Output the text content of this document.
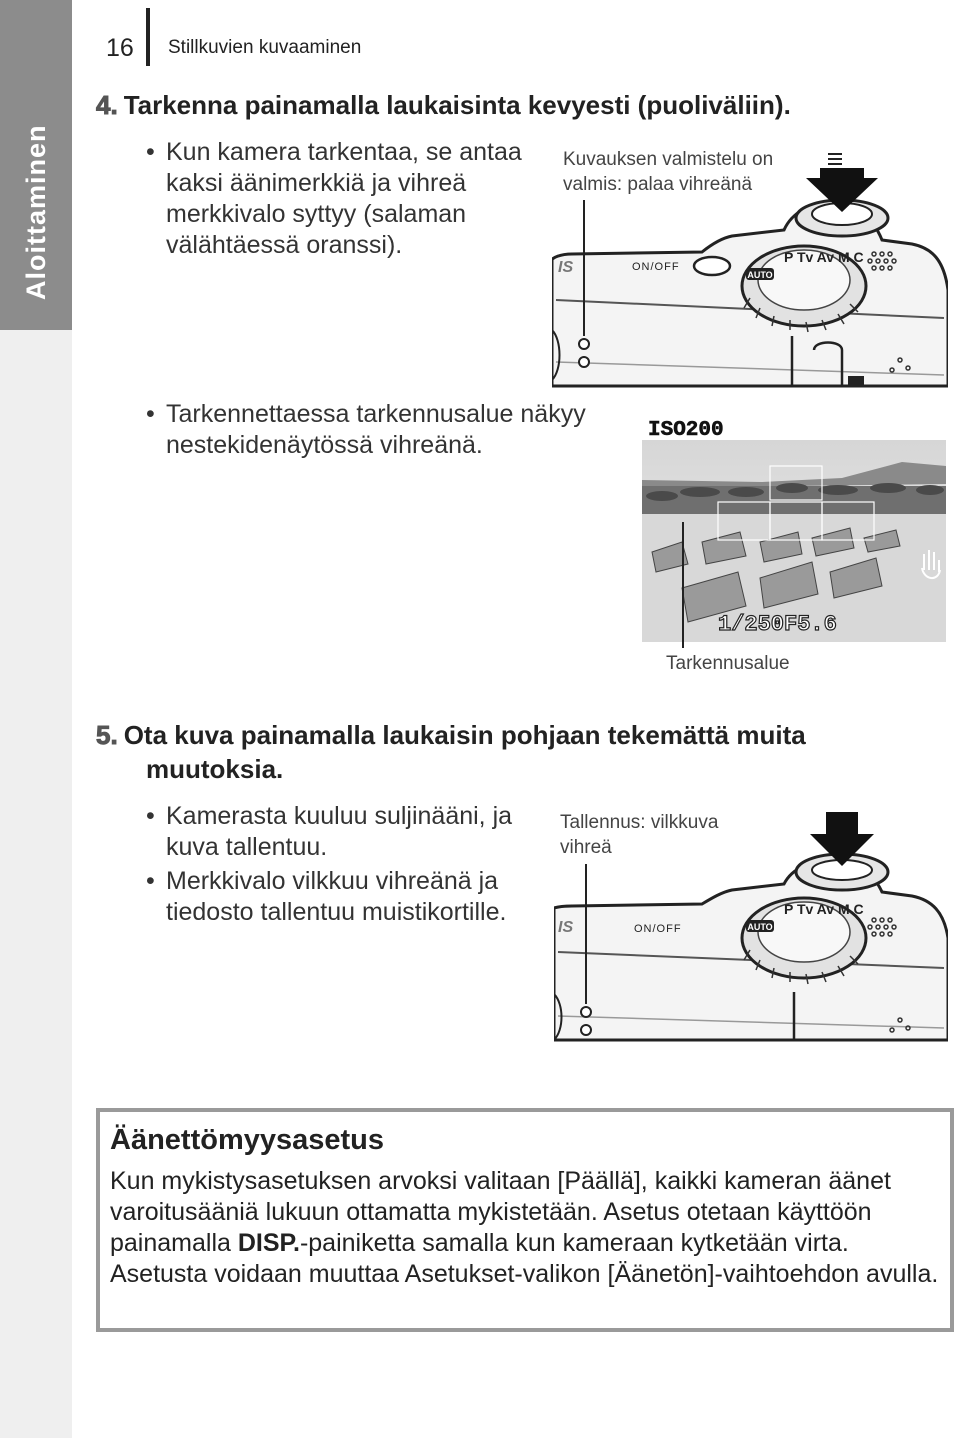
Aloittaminen
16 Stillkuvien kuvaaminen
4. Tarkenna painamalla laukaisinta kevyesti (puoliväliin).
• Kun kamera tarkentaa, se antaa
kaksi äänimerkkiä ja vihreä
merkkivalo syttyy (salaman
välähtäessä oranssi).
Kuvauksen valmistelu on
valmis: palaa vihreänä
AUTO
P Tv Av M C
ON/OFF
IS
• Tarkennettaessa tarkennusalue näkyy
nestekidenäytössä vihreänä.
ISO200
1/250 F5.6
Tarkennusalue
5. Ota kuva painamalla laukaisin pohjaan tekemättä muita
muutoksia.
• Kamerasta kuuluu suljinääni, ja
kuva tallentuu.
• Merkkivalo vilkkuu vihreänä ja
tiedosto tallentuu muistikortille.
Tallennus: vilkkuva
vihreä
AUTO
P Tv Av M C
ON/OFF
IS
Äänettömyysasetus
Kun mykistysasetuksen arvoksi valitaan [Päällä], kaikki kameran äänet varoitusääniä lukuun ottamatta mykistetään. Asetus otetaan käyttöön painamalla DISP.-painiketta samalla kun kameraan kytketään virta. Asetusta voidaan muuttaa Asetukset-valikon [Äänetön]-vaihtoehdon avulla.
